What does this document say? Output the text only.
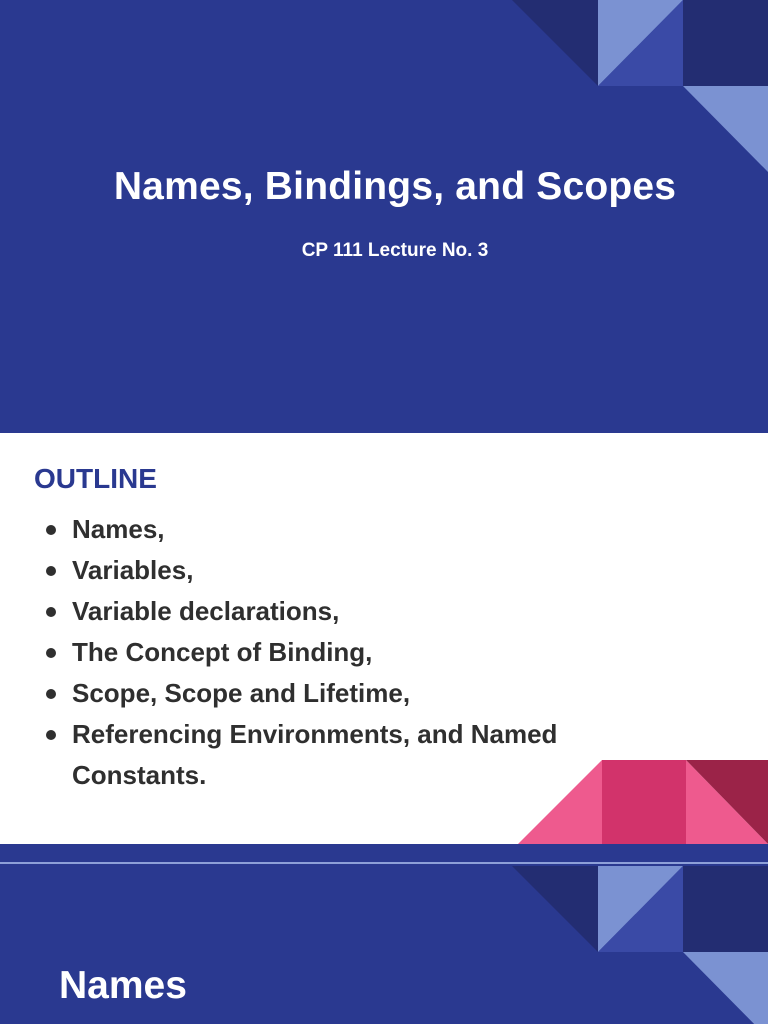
Names, Bindings, and Scopes
CP 111 Lecture No. 3
OUTLINE
Names,
Variables,
Variable declarations,
The Concept of Binding,
Scope, Scope and Lifetime,
Referencing Environments, and Named Constants.
Names
